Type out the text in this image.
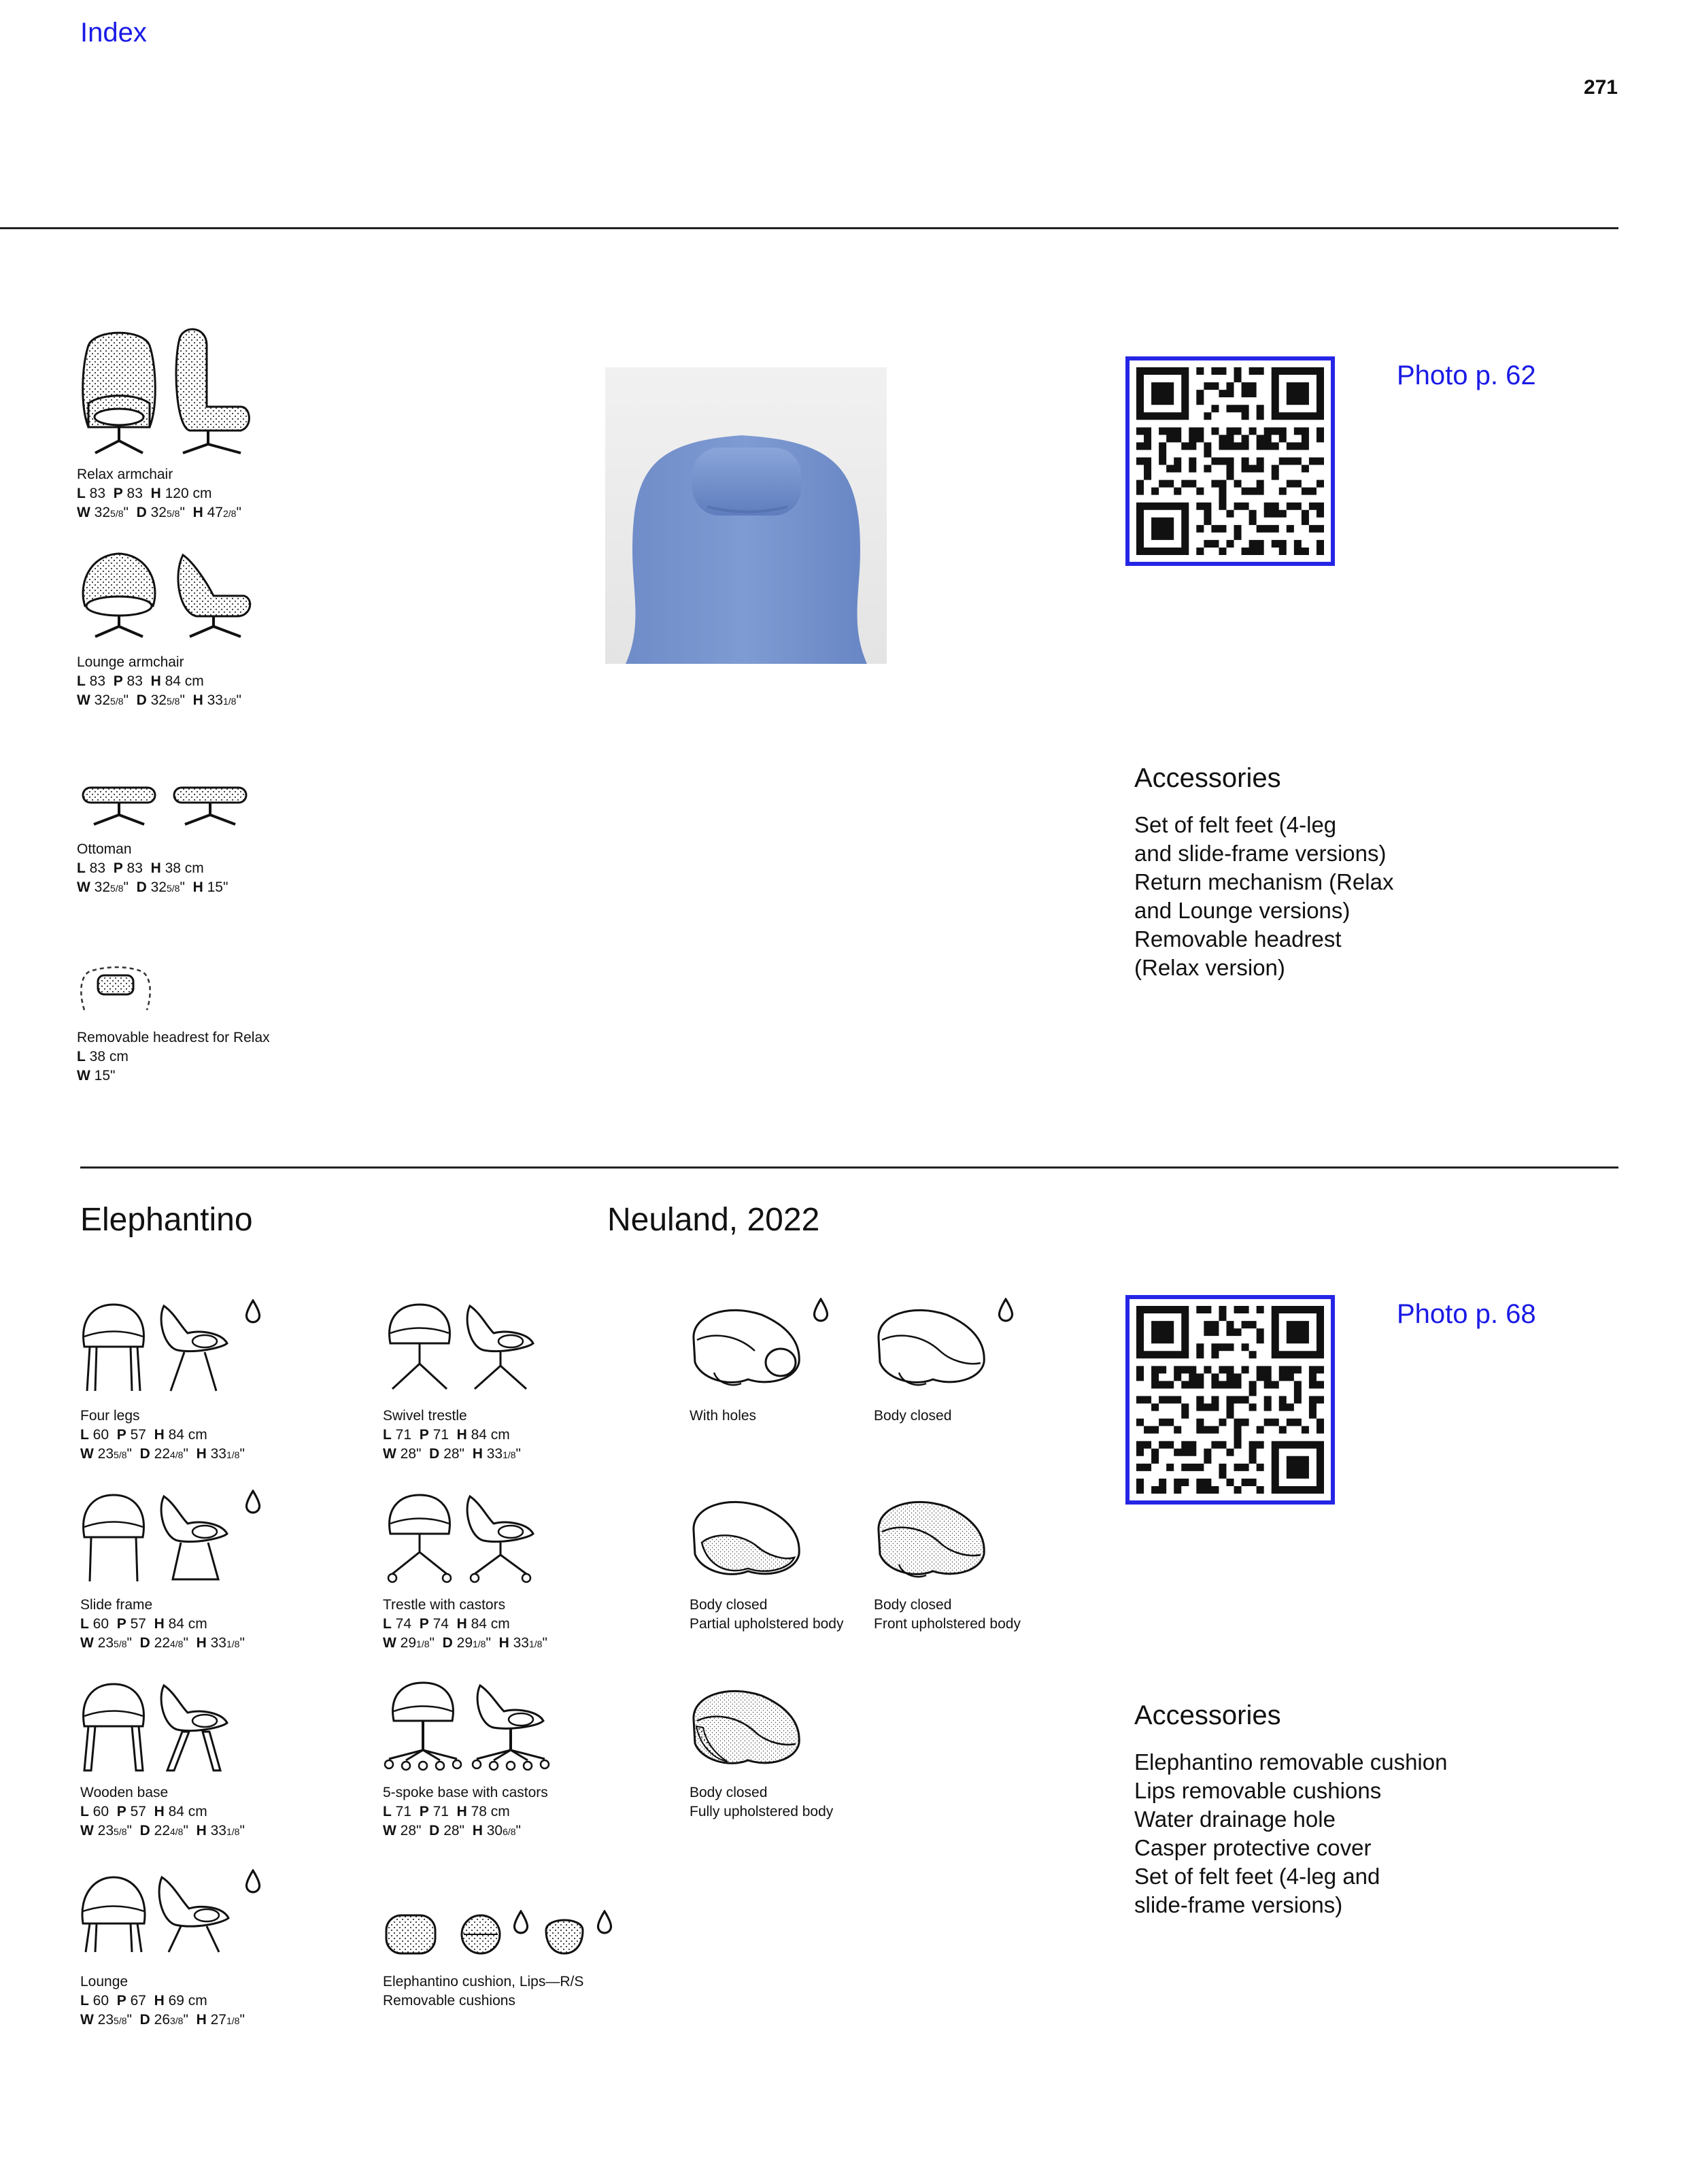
Index
271

Relax armchair
L 83  P 83  H 120 cm
W 325/8"  D 325/8"  H 472/8"

Lounge armchair
L 83  P 83  H 84 cm
W 325/8"  D 325/8"  H 331/8"

Ottoman
L 83  P 83  H 38 cm
W 325/8"  D 325/8"  H 15"
Removable headrest for Relax
L 38 cm
W 15"
Photo p. 62
Accessories
Set of felt feet (4-leg
and slide-frame versions)
Return mechanism (Relax
and Lounge versions)
Removable headrest
(Relax version)
Elephantino	Neuland, 2022

Four legs
L 60 P 57 H 84 cm
W 235/8"  D 224/8"  H 331/8"

Slide frame
L 60 P 57 H 84 cm
W 235/8"  D 224/8"  H 331/8"

Wooden base
L 60 P 57 H 84 cm
W 235/8"  D 224/8"  H 331/8"

Lounge
L 60 P 67 H 69 cm
W 235/8"  D 263/8"  H 271/8"

Swivel trestle
L 71 P 71 H 84 cm
W 28" D 28" H 331/8"

Trestle with castors
L 74 P 74 H 84 cm
W 291/8"  D 291/8"  H 331/8"

5-spoke base with castors
L 71 P 71 H 78 cm
W 28" D 28" H 306/8"

Elephantino cushion, Lips—R/S
Removable cushions

With holes
	Body closed
Body closed
Partial upholstered body
Body closed
Front upholstered body
Body closed
Fully upholstered body
Photo p. 68
Accessories
Elephantino removable cushion
Lips removable cushions
Water drainage hole
Casper protective cover
Set of felt feet (4-leg and
slide-frame versions)
